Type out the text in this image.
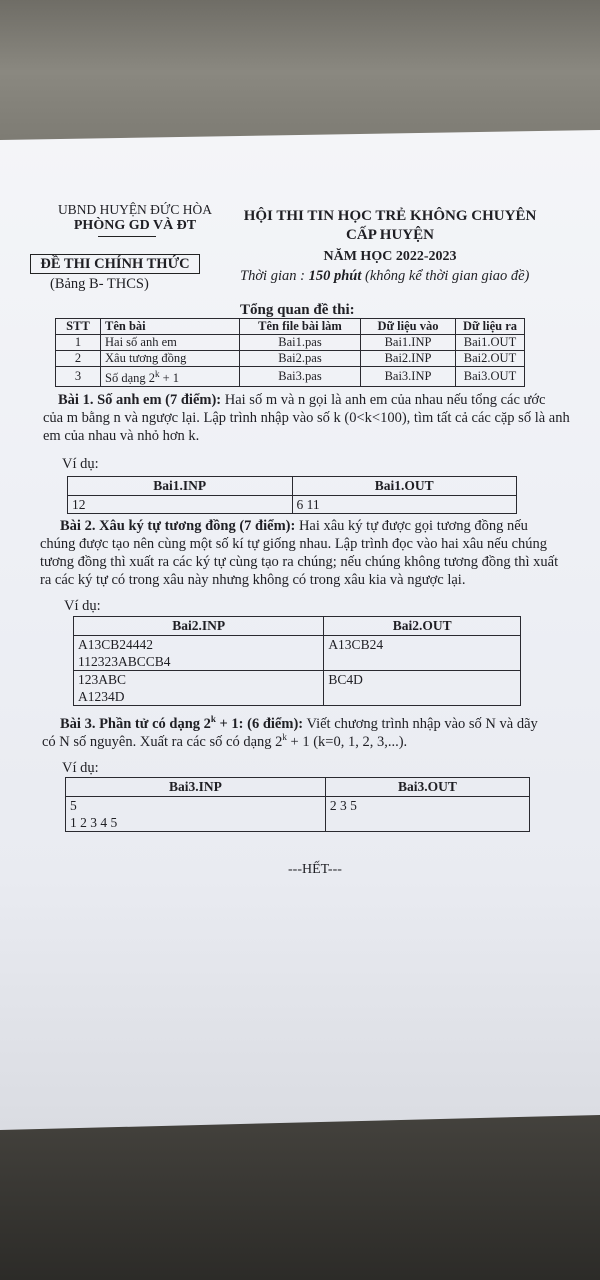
UBND HUYỆN ĐỨC HÒA
PHÒNG GD VÀ ĐT
ĐỀ THI CHÍNH THỨC
(Bảng B- THCS)
HỘI THI TIN HỌC TRẺ KHÔNG CHUYÊN
CẤP HUYỆN
NĂM HỌC 2022-2023
Thời gian : 150 phút (không kể thời gian giao đề)
Tổng quan đề thi:
STT	Tên bài	Tên file bài làm	Dữ liệu vào	Dữ liệu ra
1	Hai số anh em	Bai1.pas	Bai1.INP	Bai1.OUT
2	Xâu tương đồng	Bai2.pas	Bai2.INP	Bai2.OUT
3	Số dạng $2^k + 1$	Bai3.pas	Bai3.INP	Bai3.OUT
Bài 1. Số anh em (7 điểm): Hai số m và n gọi là anh em của nhau nếu tổng các ước
của m bằng n và ngược lại. Lập trình nhập vào số k (0<k<100), tìm tất cả các cặp số là anh
em của nhau và nhỏ hơn k.
Ví dụ:
Bai1.INP	Bai1.OUT
12	6 11
Bài 2. Xâu ký tự tương đồng (7 điểm): Hai xâu ký tự được gọi tương đồng nếu
chúng được tạo nên cùng một số kí tự giống nhau. Lập trình đọc vào hai xâu nếu chúng
tương đồng thì xuất ra các ký tự cùng tạo ra chúng; nếu chúng không tương đồng thì xuất
ra các ký tự có trong xâu này nhưng không có trong xâu kia và ngược lại.
Ví dụ:
Bai2.INP	Bai2.OUT

A13CB24442
112323ABCCB4	A13CB24

123ABC
A1234D	BC4D
Bài 3. Phần tử có dạng $2^k + 1$: (6 điểm): Viết chương trình nhập vào số N và dãy
có N số nguyên. Xuất ra các số có dạng $2^k + 1$ (k=0, 1, 2, 3,...).
Ví dụ:
Bai3.INP	Bai3.OUT

5
1 2 3 4 5	2 3 5
---HẾT---
